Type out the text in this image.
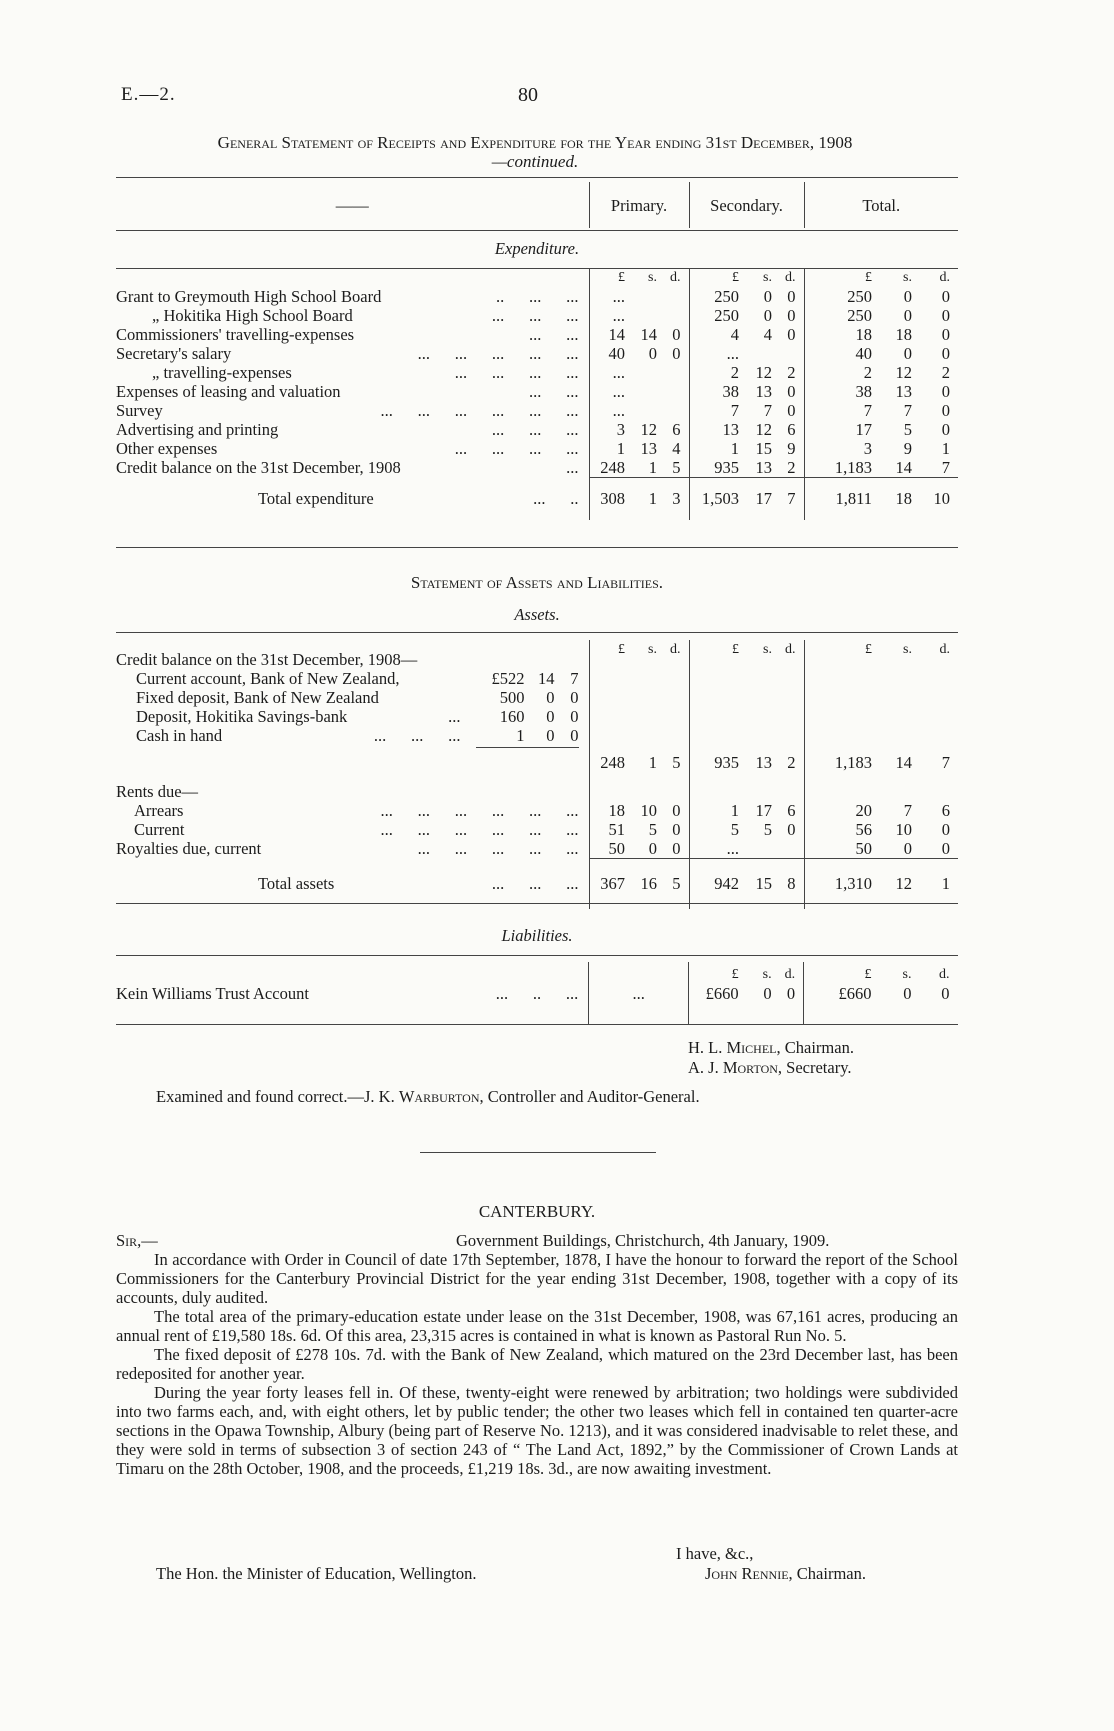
E.—2.	80
General Statement of Receipts and Expenditure for the Year ending 31st December, 1908
—continued.
——	Primary.			Secondary.			Total.		
Expenditure.									
	£	s.	d.	£	s.	d.	£	s.	d.

Grant to Greymouth High School Board ..      ...      ...	...			250	0	0	250	0	0

„ Hokitika High School Board ...      ...      ...	...			250	0	0	250	0	0

Commissioners' travelling-expenses ...      ...	14	14	0	4	4	0	18	18	0

Secretary's salary ...      ...      ...      ...      ...	40	0	0	...			40	0	0

„ travelling-expenses ...      ...      ...      ...	...			2	12	2	2	12	2

Expenses of leasing and valuation ...      ...	...			38	13	0	38	13	0

Survey ...      ...      ...      ...      ...      ...	...			7	7	0	7	7	0

Advertising and printing ...      ...      ...	3	12	6	13	12	6	17	5	0

Other expenses ...      ...      ...      ...	1	13	4	1	15	9	3	9	1

Credit balance on the 31st December, 1908 ...	248	1	5	935	13	2	1,183	14	7

Total expenditure ...      ..	308	1	3	1,503	17	7	1,811	18	10
Statement of Assets and Liabilities.
Assets.
Credit balance on the 31st December, 1908—	£	s.	d.	£	s.	d.	£	s.	d.

Current account, Bank of New Zealand, £522 14 7									

Fixed deposit, Bank of New Zealand 500 0 0									

Deposit, Hokitika Savings-bank ... 160 0 0									

Cash in hand ...      ...      ... 1 0 0									

	248	1	5	935	13	2	1,183	14	7
Rents due—									

Arrears ...      ...      ...      ...      ...      ...	18	10	0	1	17	6	20	7	6

Current ...      ...      ...      ...      ...      ...	51	5	0	5	5	0	56	10	0

Royalties due, current ...      ...      ...      ...      ...	50	0	0	...			50	0	0

Total assets ...      ...      ...	367	16	5	942	15	8	1,310	12	1
Liabilities.
				£	s.	d.	£	s.	d.

Kein Williams Trust Account ...      ..      ...	...			£660	0	0	£660	0	0

H. L. Michel, Chairman.
A. J. Morton, Secretary.
Examined and found correct.—J. K. Warburton, Controller and Auditor-General.
CANTERBURY.
Sir,—	Government Buildings, Christchurch, 4th January, 1909.

In accordance with Order in Council of date 17th September, 1878, I have the honour to forward the report of the School Commissioners for the Canterbury Provincial District for the year ending 31st December, 1908, together with a copy of its accounts, duly audited.

The total area of the primary-education estate under lease on the 31st December, 1908, was 67,161 acres, producing an annual rent of £19,580 18s. 6d. Of this area, 23,315 acres is contained in what is known as Pastoral Run No. 5.

The fixed deposit of £278 10s. 7d. with the Bank of New Zealand, which matured on the 23rd December last, has been redeposited for another year.

During the year forty leases fell in. Of these, twenty-eight were renewed by arbitration; two holdings were subdivided into two farms each, and, with eight others, let by public tender; the other two leases which fell in contained ten quarter-acre sections in the Opawa Township, Albury (being part of Reserve No. 1213), and it was considered inadvisable to relet these, and they were sold in terms of subsection 3 of section 243 of “ The Land Act, 1892,” by the Commissioner of Crown Lands at Timaru on the 28th October, 1908, and the proceeds, £1,219 18s. 3d., are now awaiting investment.

I have, &c.,
The Hon. the Minister of Education, Wellington.	John Rennie, Chairman.
